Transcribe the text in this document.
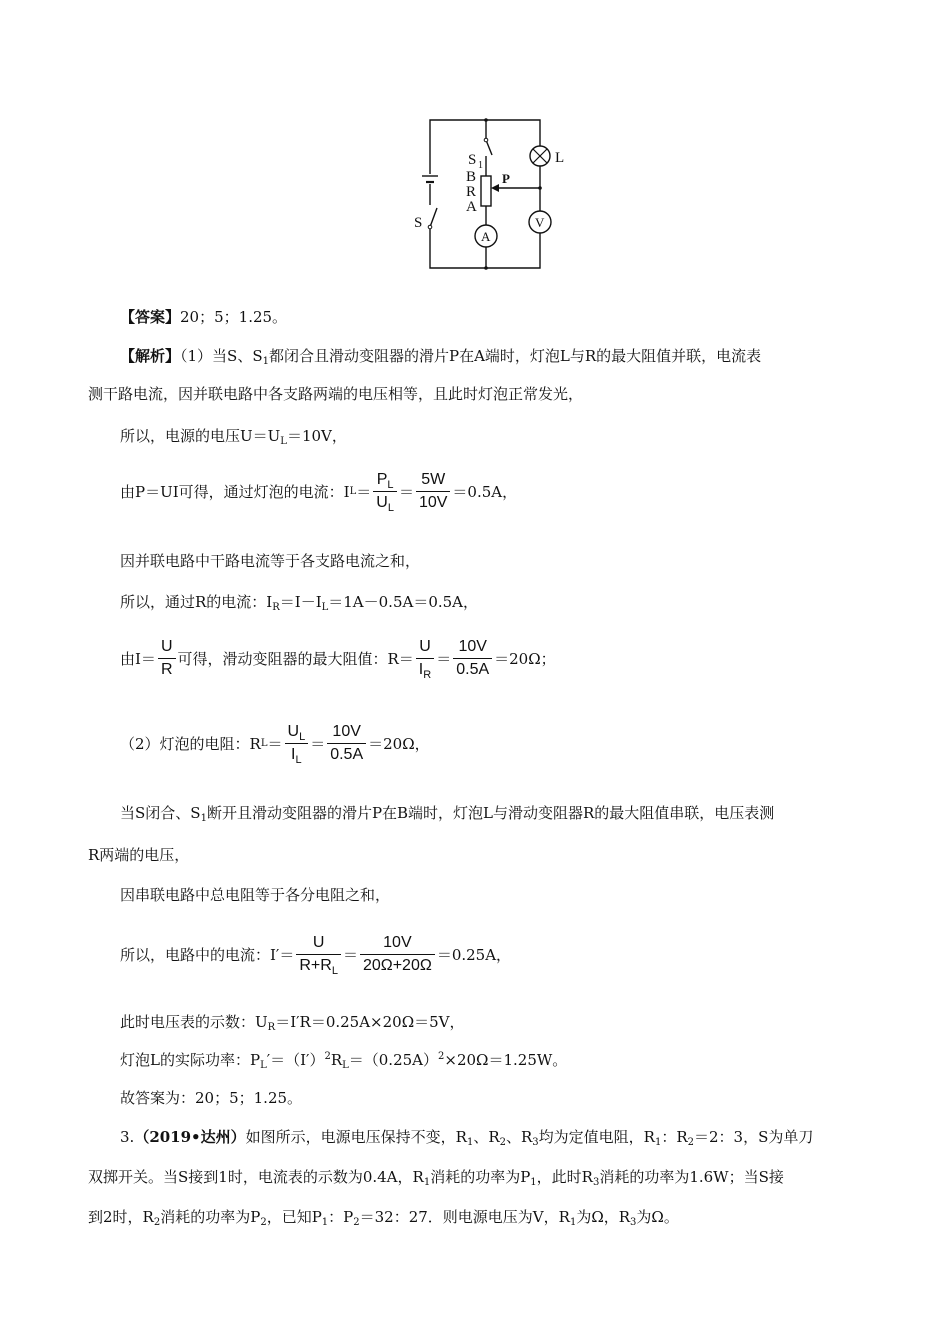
S 1
B
R
A
S
P
L
A
V
【答案】20；5；1.25。
【解析】（1）当S、$S_1$都闭合且滑动变阻器的滑片P在A端时，灯泡L与R的最大阻值并联，电流表
测干路电流，因并联电路中各支路两端的电压相等，且此时灯泡正常发光，
所以，电源的电压$U=U_L=10V$，
由P＝UI可得，通过灯泡的电流：I $L = \frac{P_L}{U_L} = \frac{5W}{10V} =0.5A$，
因并联电路中干路电流等于各支路电流之和，
所以，通过R的电流：$I_R=I-I_L=1A-0.5A=0.5A$，
由$I= \frac{U}{R}$ 可得，滑动变阻器的最大阻值：$R= \frac{U}{I_R} = \frac{10V}{0.5A} =20\Omega$；
（2）灯泡的电阻：R $L = \frac{U_L}{I_L} = \frac{10V}{0.5A} =20\Omega$，
当S闭合、$S_1$断开且滑动变阻器的滑片P在B端时，灯泡L与滑动变阻器R的最大阻值串联，电压表测
R两端的电压，
因串联电路中总电阻等于各分电阻之和，
所以，电路中的电流：$I' = \frac{U}{R+R_L} = \frac{10V}{20\Omega+20\Omega} =0.25A$，
此时电压表的示数：$U_R=I'R=0.25A\times 20\Omega=5V$，
灯泡L的实际功率：$P_L'=(I')^2R_L=(0.25A)^2\times 20\Omega=1.25W$。
故答案为：20；5；1.25。
3.（2019•达州）如图所示，电源电压保持不变，$R_1$、$R_2$、$R_3$均为定值电阻，$R_1$：$R_2=2$：3，S为单刀
双掷开关。当S接到1时，电流表的示数为0.4A，$R_1$消耗的功率为$P_1$，此时$R_3$消耗的功率为1.6W；当S接
到2时，$R_2$消耗的功率为$P_2$，已知$P_1$：$P_2=32$：27．则电源电压为V，$R_1$为Ω，$R_3$为Ω。
